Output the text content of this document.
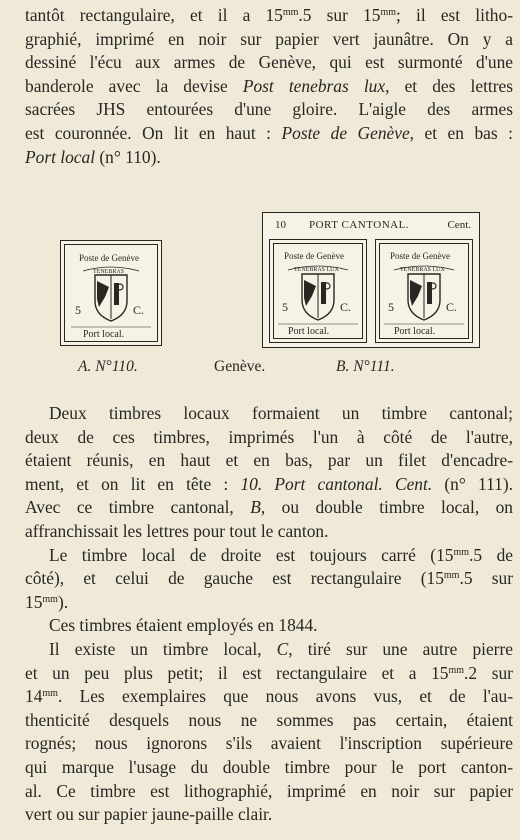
tantôt rectangulaire, et il a $15^{mm}.5$ sur $15^{mm}$; il est litho-
graphié, imprimé en noir sur papier vert jaunâtre. On y a
dessiné l'écu aux armes de Genève, qui est surmonté d'une
banderole avec la devise Post tenebras lux, et des lettres
sacrées JHS entourées d'une gloire. L'aigle des armes
est couronnée. On lit en haut : Poste de Genève, et en bas :
Port local (n° 110).
Poste de Genève
TENEBRAS
5	C.
Port local.
10 PORT CANTONAL.	Cent.
Poste de Genève
TENEBRAS LUX
5	C.
Port local.
Poste de Genève
TENEBRAS LUX
5	C.
Port local.
A. N°110.	Genève.	B. N°111.
Deux timbres locaux formaient un timbre cantonal;
deux de ces timbres, imprimés l'un à côté de l'autre,
étaient réunis, en haut et en bas, par un filet d'encadre-
ment, et on lit en tête : 10. Port cantonal. Cent. (n° 111).
Avec ce timbre cantonal, B, ou double timbre local, on
affranchissait les lettres pour tout le canton.
Le timbre local de droite est toujours carré ($15^{mm}.5$ de
côté), et celui de gauche est rectangulaire ($15^{mm}.5$ sur
$15^{mm}$).
Ces timbres étaient employés en 1844.
Il existe un timbre local, C, tiré sur une autre pierre
et un peu plus petit; il est rectangulaire et a $15^{mm}.2$ sur
$14^{mm}$. Les exemplaires que nous avons vus, et de l'au-
thenticité desquels nous ne sommes pas certain, étaient
rognés; nous ignorons s'ils avaient l'inscription supérieure
qui marque l'usage du double timbre pour le port canton-
al. Ce timbre est lithographié, imprimé en noir sur papier
vert ou sur papier jaune-paille clair.
